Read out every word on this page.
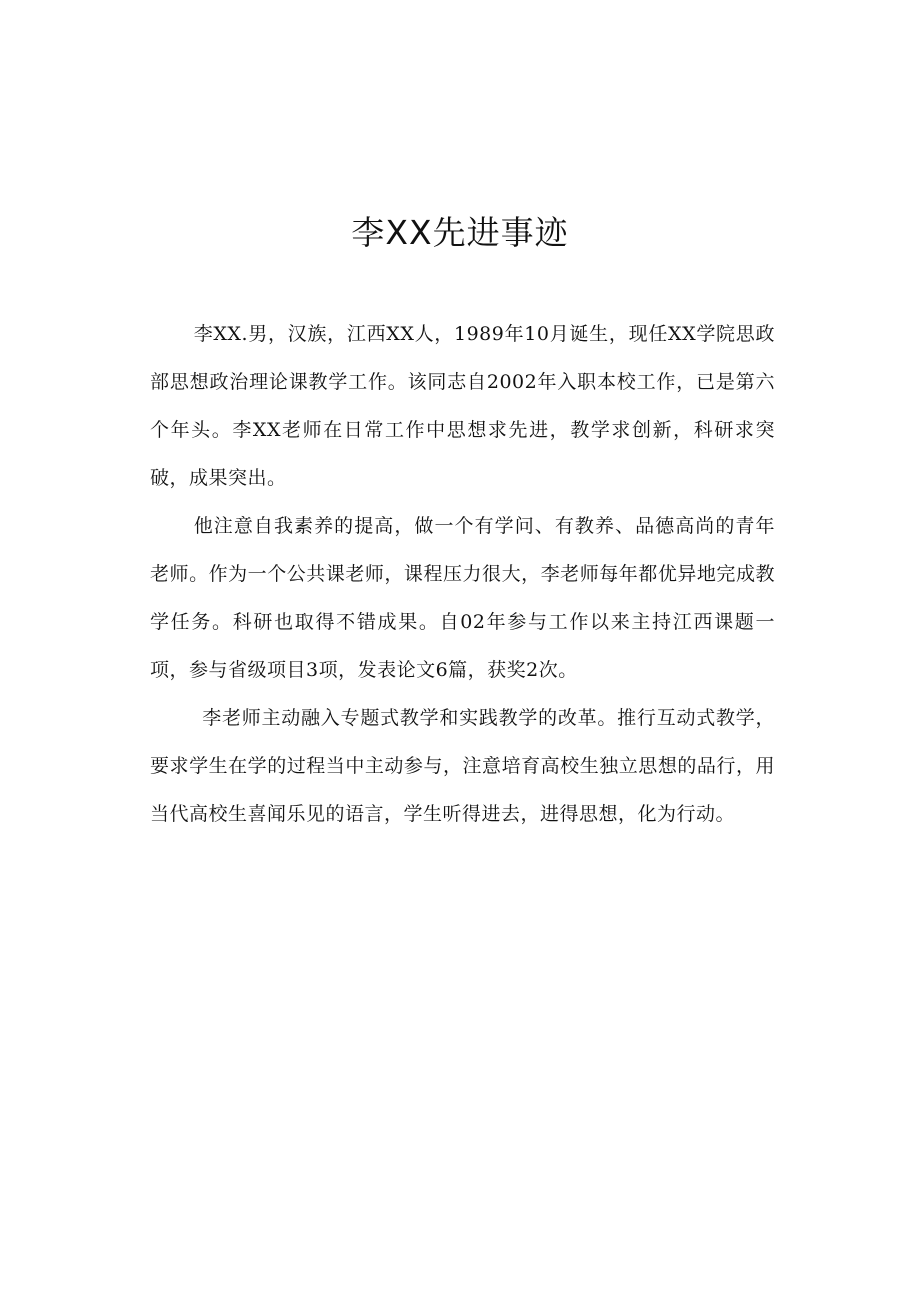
李XX先进事迹

李XX.男，汉族，江西XX人，1989年10月诞生，现任XX学院思政部思想政治理论课教学工作。该同志自2002年入职本校工作，已是第六个年头。李XX老师在日常工作中思想求先进，教学求创新，科研求突破，成果突出。

他注意自我素养的提高，做一个有学问、有教养、品德高尚的青年老师。作为一个公共课老师，课程压力很大，李老师每年都优异地完成教学任务。科研也取得不错成果。自02年参与工作以来主持江西课题一项，参与省级项目3项，发表论文6篇，获奖2次。

李老师主动融入专题式教学和实践教学的改革。推行互动式教学，要求学生在学的过程当中主动参与，注意培育高校生独立思想的品行，用当代高校生喜闻乐见的语言，学生听得进去，进得思想，化为行动。
